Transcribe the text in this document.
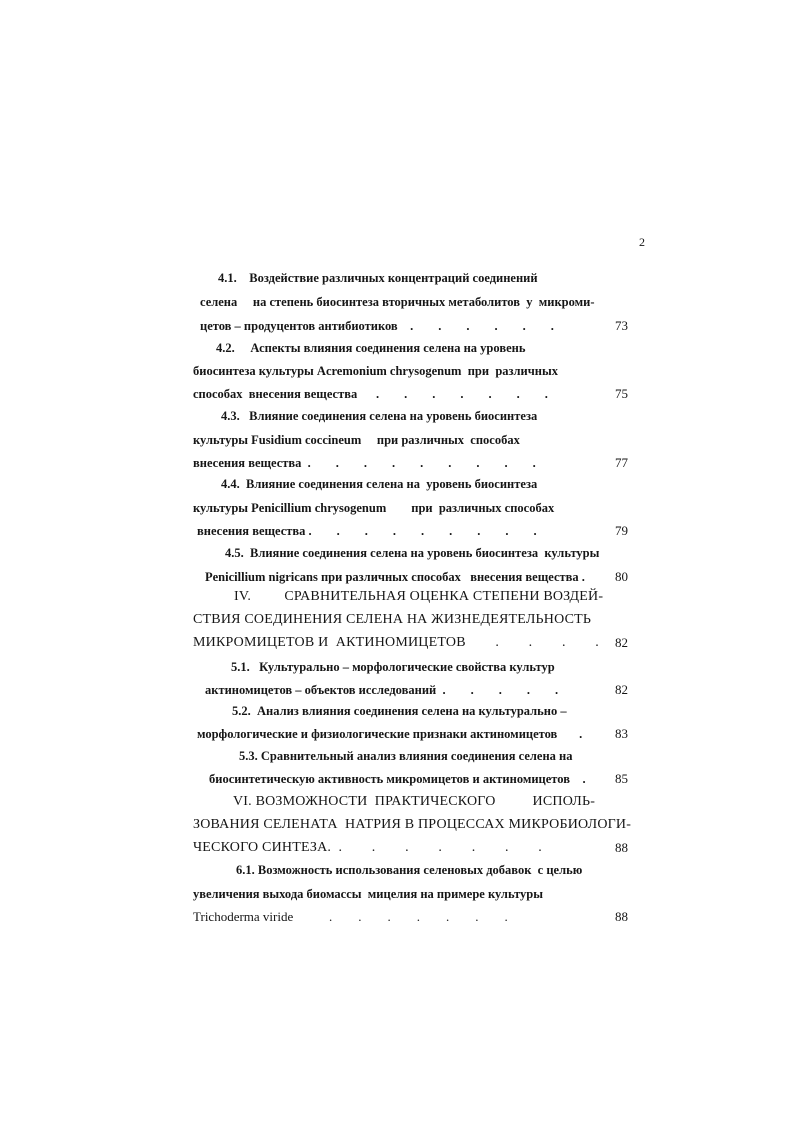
2
4.1.    Воздействие различных концентраций соединений
селена     на степень биосинтеза вторичных метаболитов  у  микроми-
цетов – продуцентов антибиотиков    .        .        .        .        .        .	73
4.2.     Аспекты влияния соединения селена на уровень
биосинтеза культуры Acremonium chrysogenum  при  различных
способах  внесения вещества      .        .        .        .        .        .        .	75
4.3.   Влияние соединения селена на уровень биосинтеза
культуры Fusidium coccineum     при различных  способах
внесения вещества  .        .        .        .        .        .        .        .        .	77
4.4.  Влияние соединения селена на  уровень биосинтеза
культуры Penicillium chrysogenum        при  различных способах
внесения вещества .        .        .        .        .        .        .        .        .	79
4.5.  Влияние соединения селена на уровень биосинтеза  культуры
Penicillium nigricans при различных способах   внесения вещества .	80
IV.         СРАВНИТЕЛЬНАЯ ОЦЕНКА СТЕПЕНИ ВОЗДЕЙ-
СТВИЯ СОЕДИНЕНИЯ СЕЛЕНА НА ЖИЗНЕДЕЯТЕЛЬНОСТЬ
МИКРОМИЦЕТОВ И  АКТИНОМИЦЕТОВ        .        .        .        .	82
5.1.   Культурально – морфологические свойства культур
актиномицетов – объектов исследований  .        .        .        .        .	82
5.2.  Анализ влияния соединения селена на культурально –
морфологические и физиологические признаки актиномицетов       .	83
5.3. Сравнительный анализ влияния соединения селена на
биосинтетическую активность микромицетов и актиномицетов    .	85
VI. ВОЗМОЖНОСТИ  ПРАКТИЧЕСКОГО          ИСПОЛЬ-
ЗОВАНИЯ СЕЛЕНАТА  НАТРИЯ В ПРОЦЕССАХ МИКРОБИОЛОГИ-
ЧЕСКОГО СИНТЕЗА.  .        .        .        .        .        .        .	88
6.1. Возможность использования селеновых добавок  с целью
увеличения выхода биомассы  мицелия на примере культуры
Trichoderma viride           .        .        .        .        .        .        .	88
